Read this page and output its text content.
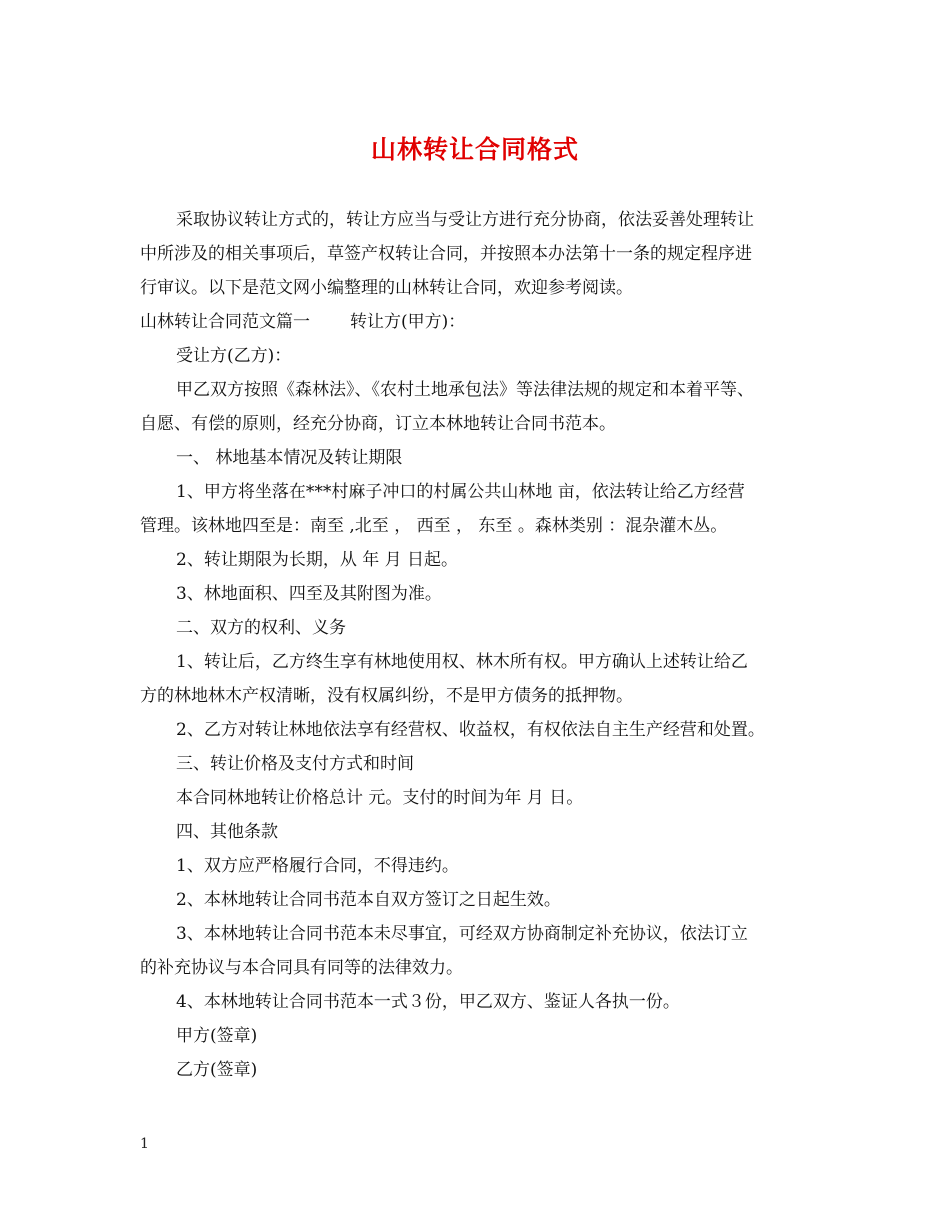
山林转让合同格式

采取协议转让方式的，转让方应当与受让方进行充分协商，依法妥善处理转让

中所涉及的相关事项后，草签产权转让合同，并按照本办法第十一条的规定程序进

行审议。以下是范文网小编整理的山林转让合同，欢迎参考阅读。

山林转让合同范文篇一 转让方(甲方)：

受让方(乙方)：

甲乙双方按照《森林法》、《农村土地承包法》等法律法规的规定和本着平等、

自愿、有偿的原则，经充分协商，订立本林地转让合同书范本。

一、 林地基本情况及转让期限

1、甲方将坐落在***村麻子冲口的村属公共山林地 亩，依法转让给乙方经营

管理。该林地四至是：南至 ,北至 ， 西至 ， 东至 。森林类别 ：混杂灌木丛。

2、转让期限为长期，从 年 月 日起。

3、林地面积、四至及其附图为准。

二、双方的权利、义务

1、转让后，乙方终生享有林地使用权、林木所有权。甲方确认上述转让给乙

方的林地林木产权清晰，没有权属纠纷，不是甲方债务的抵押物。

2、乙方对转让林地依法享有经营权、收益权，有权依法自主生产经营和处置。

三、转让价格及支付方式和时间

本合同林地转让价格总计 元。支付的时间为年 月 日。

四、其他条款

1、双方应严格履行合同，不得违约。

2、本林地转让合同书范本自双方签订之日起生效。

3、本林地转让合同书范本未尽事宜，可经双方协商制定补充协议，依法订立

的补充协议与本合同具有同等的法律效力。

4、本林地转让合同书范本一式３份，甲乙双方、鉴证人各执一份。

甲方(签章)

乙方(签章)

1
